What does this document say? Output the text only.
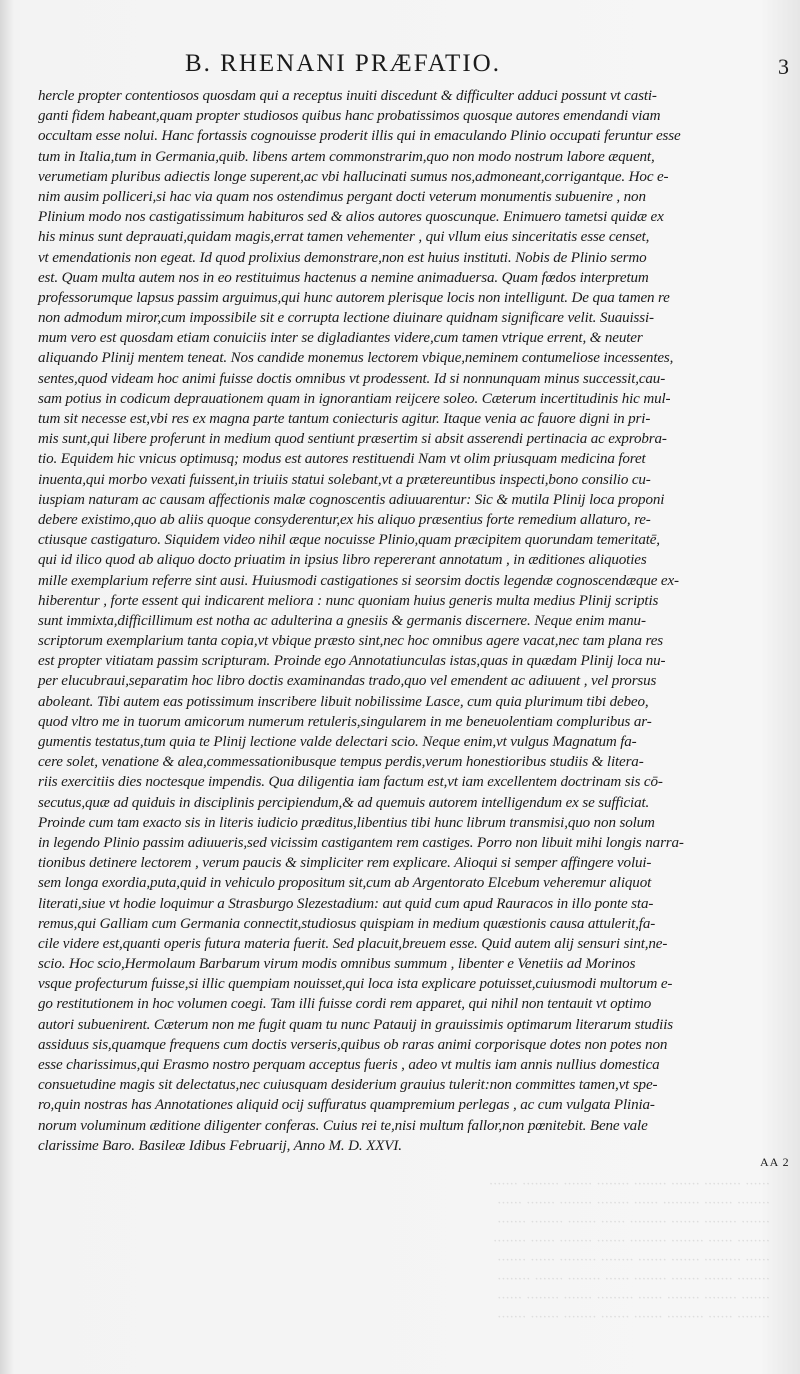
······ ········· ······· ········ ········ ······· ········· ·······
········ ······· ········· ······ ········ ········ ······· ······
······· ········ ······· ········· ······ ······· ········ ·······
········ ······ ········ ········· ······· ········ ······ ········
······ ········· ······· ······· ········ ········· ······ ·······
········ ······· ······· ········ ······ ········ ······· ········
······· ········ ········ ······ ········· ······· ········ ······
········ ······ ········· ······· ······· ········ ······· ·······
B. RHENANI PRÆFATIO.	3
hercle propter contentiosos quosdam qui a receptus inuiti discedunt & difficulter adduci possunt vt casti-
ganti fidem habeant,quam propter studiosos quibus hanc probatissimos quosque autores emendandi viam
occultam esse nolui. Hanc fortassis cognouisse proderit illis qui in emaculando Plinio occupati feruntur esse
tum in Italia,tum in Germania,quib. libens artem commonstrarim,quo non modo nostrum labore æquent,
verumetiam pluribus adiectis longe superent,ac vbi hallucinati sumus nos,admoneant,corrigantque. Hoc e-
nim ausim polliceri,si hac via quam nos ostendimus pergant docti veterum monumentis subuenire , non
Plinium modo nos castigatissimum habituros sed & alios autores quoscunque. Enimuero tametsi quidæ ex
his minus sunt deprauati,quidam magis,errat tamen vehementer , qui vllum eius sinceritatis esse censet,
vt emendationis non egeat. Id quod prolixius demonstrare,non est huius instituti. Nobis de Plinio sermo
est. Quam multa autem nos in eo restituimus hactenus a nemine animaduersa. Quam fœdos interpretum
professorumque lapsus passim arguimus,qui hunc autorem plerisque locis non intelligunt. De qua tamen re
non admodum miror,cum impossibile sit e corrupta lectione diuinare quidnam significare velit. Suauissi-
mum vero est quosdam etiam conuiciis inter se digladiantes videre,cum tamen vtrique errent, & neuter
aliquando Plinij mentem teneat. Nos candide monemus lectorem vbique,neminem contumeliose incessentes,
sentes,quod videam hoc animi fuisse doctis omnibus vt prodessent. Id si nonnunquam minus successit,cau-
sam potius in codicum deprauationem quam in ignorantiam reijcere soleo. Cæterum incertitudinis hic mul-
tum sit necesse est,vbi res ex magna parte tantum coniecturis agitur. Itaque venia ac fauore digni in pri-
mis sunt,qui libere proferunt in medium quod sentiunt præsertim si absit asserendi pertinacia ac exprobra-
tio. Equidem hic vnicus optimusq; modus est autores restituendi Nam vt olim priusquam medicina foret
inuenta,qui morbo vexati fuissent,in triuiis statui solebant,vt a prætereuntibus inspecti,bono consilio cu-
iuspiam naturam ac causam affectionis malæ cognoscentis adiuuarentur: Sic & mutila Plinij loca proponi
debere existimo,quo ab aliis quoque consyderentur,ex his aliquo præsentius forte remedium allaturo, re-
ctiusque castigaturo. Siquidem video nihil æque nocuisse Plinio,quam præcipitem quorundam temeritatē,
qui id ilico quod ab aliquo docto priuatim in ipsius libro repererant annotatum , in æditiones aliquoties
mille exemplarium referre sint ausi. Huiusmodi castigationes si seorsim doctis legendæ cognoscendæque ex-
hiberentur , forte essent qui indicarent meliora : nunc quoniam huius generis multa medius Plinij scriptis
sunt immixta,difficillimum est notha ac adulterina a gnesiis & germanis discernere. Neque enim manu-
scriptorum exemplarium tanta copia,vt vbique præsto sint,nec hoc omnibus agere vacat,nec tam plana res
est propter vitiatam passim scripturam. Proinde ego Annotatiunculas istas,quas in quædam Plinij loca nu-
per elucubraui,separatim hoc libro doctis examinandas trado,quo vel emendent ac adiuuent , vel prorsus
aboleant. Tibi autem eas potissimum inscribere libuit nobilissime Lasce, cum quia plurimum tibi debeo,
quod vltro me in tuorum amicorum numerum retuleris,singularem in me beneuolentiam compluribus ar-
gumentis testatus,tum quia te Plinij lectione valde delectari scio. Neque enim,vt vulgus Magnatum fa-
cere solet, venatione & alea,commessationibusque tempus perdis,verum honestioribus studiis & litera-
riis exercitiis dies noctesque impendis. Qua diligentia iam factum est,vt iam excellentem doctrinam sis cō-
secutus,quæ ad quiduis in disciplinis percipiendum,& ad quemuis autorem intelligendum ex se sufficiat.
Proinde cum tam exacto sis in literis iudicio præditus,libentius tibi hunc librum transmisi,quo non solum
in legendo Plinio passim adiuueris,sed vicissim castigantem rem castiges. Porro non libuit mihi longis narra-
tionibus detinere lectorem , verum paucis & simpliciter rem explicare. Alioqui si semper affingere volui-
sem longa exordia,puta,quid in vehiculo propositum sit,cum ab Argentorato Elcebum veheremur aliquot
literati,siue vt hodie loquimur a Strasburgo Slezestadium: aut quid cum apud Rauracos in illo ponte sta-
remus,qui Galliam cum Germania connectit,studiosus quispiam in medium quæstionis causa attulerit,fa-
cile videre est,quanti operis futura materia fuerit. Sed placuit,breuem esse. Quid autem alij sensuri sint,ne-
scio. Hoc scio,Hermolaum Barbarum virum modis omnibus summum , libenter e Venetiis ad Morinos
vsque profecturum fuisse,si illic quempiam nouisset,qui loca ista explicare potuisset,cuiusmodi multorum e-
go restitutionem in hoc volumen coegi. Tam illi fuisse cordi rem apparet, qui nihil non tentauit vt optimo
autori subuenirent. Cæterum non me fugit quam tu nunc Patauij in grauissimis optimarum literarum studiis
assiduus sis,quamque frequens cum doctis verseris,quibus ob raras animi corporisque dotes non potes non
esse charissimus,qui Erasmo nostro perquam acceptus fueris , adeo vt multis iam annis nullius domestica
consuetudine magis sit delectatus,nec cuiusquam desiderium grauius tulerit:non committes tamen,vt spe-
ro,quin nostras has Annotationes aliquid ocij suffuratus quampremium perlegas , ac cum vulgata Plinia-
norum voluminum æditione diligenter conferas. Cuius rei te,nisi multum fallor,non pœnitebit. Bene vale
clarissime Baro. Basileæ Idibus Februarij, Anno M. D. XXVI.
AA 2
